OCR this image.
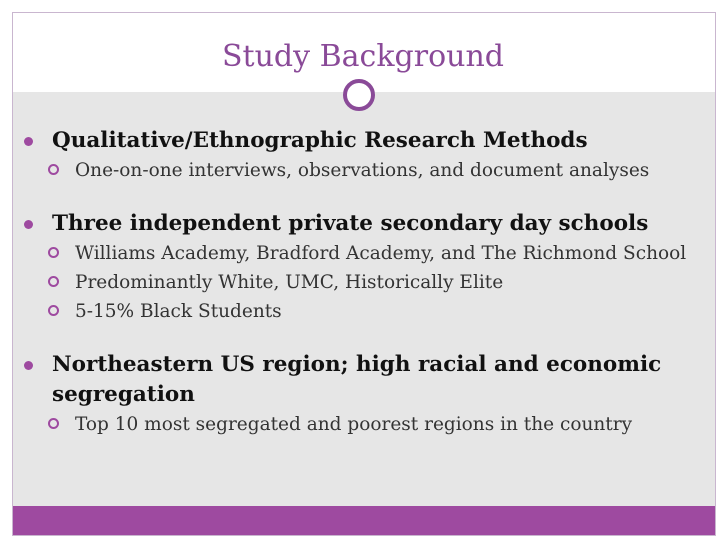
Study Background

Qualitative/Ethnographic Research Methods

One-on-one interviews, observations, and document analyses

Three independent private secondary day schools

Williams Academy, Bradford Academy, and The Richmond School

Predominantly White, UMC, Historically Elite

5-15% Black Students

Northeastern US region; high racial and economic segregation

Top 10 most segregated and poorest regions in the country
